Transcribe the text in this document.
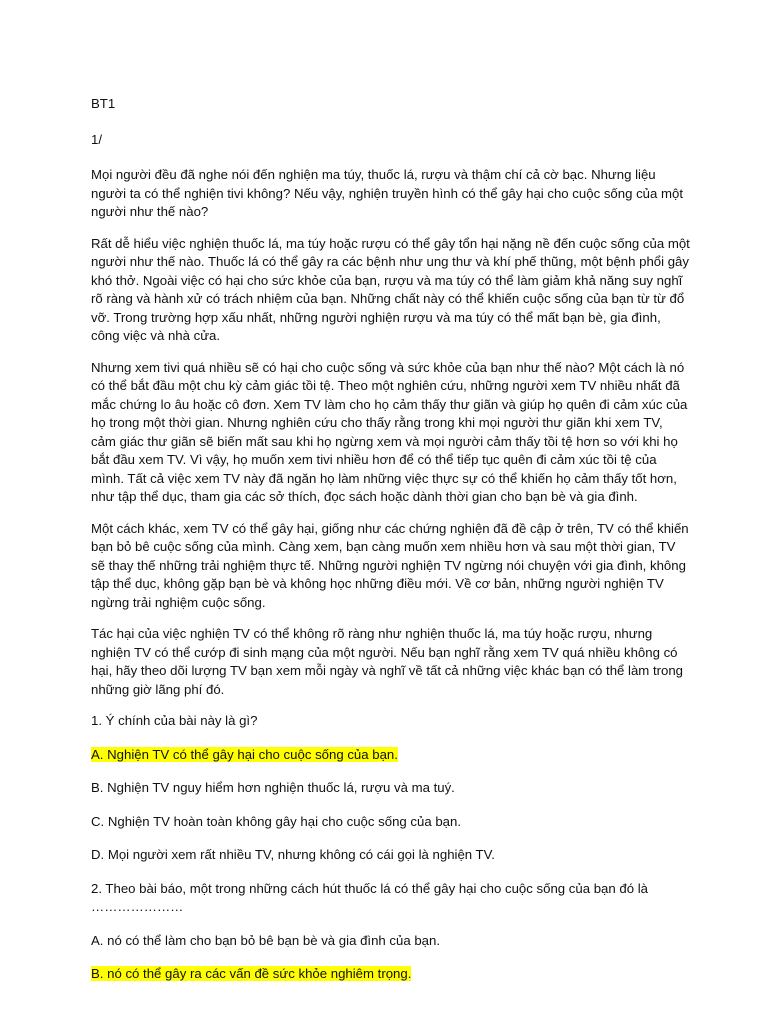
BT1

1/

Mọi người đều đã nghe nói đến nghiện ma túy, thuốc lá, rượu và thậm chí cả cờ bạc. Nhưng liệu người ta có thể nghiện tivi không? Nếu vậy, nghiện truyền hình có thể gây hại cho cuộc sống của một người như thế nào?

Rất dễ hiểu việc nghiện thuốc lá, ma túy hoặc rượu có thể gây tổn hại nặng nề đến cuộc sống của một người như thế nào. Thuốc lá có thể gây ra các bệnh như ung thư và khí phế thũng, một bệnh phổi gây khó thở. Ngoài việc có hại cho sức khỏe của bạn, rượu và ma túy có thể làm giảm khả năng suy nghĩ rõ ràng và hành xử có trách nhiệm của bạn. Những chất này có thể khiến cuộc sống của bạn từ từ đổ vỡ. Trong trường hợp xấu nhất, những người nghiện rượu và ma túy có thể mất bạn bè, gia đình, công việc và nhà cửa.

Nhưng xem tivi quá nhiều sẽ có hại cho cuộc sống và sức khỏe của bạn như thế nào? Một cách là nó có thể bắt đầu một chu kỳ cảm giác tồi tệ. Theo một nghiên cứu, những người xem TV nhiều nhất đã mắc chứng lo âu hoặc cô đơn. Xem TV làm cho họ cảm thấy thư giãn và giúp họ quên đi cảm xúc của họ trong một thời gian. Nhưng nghiên cứu cho thấy rằng trong khi mọi người thư giãn khi xem TV, cảm giác thư giãn sẽ biến mất sau khi họ ngừng xem và mọi người cảm thấy tồi tệ hơn so với khi họ bắt đầu xem TV. Vì vậy, họ muốn xem tivi nhiều hơn để có thể tiếp tục quên đi cảm xúc tồi tệ của mình. Tất cả việc xem TV này đã ngăn họ làm những việc thực sự có thể khiến họ cảm thấy tốt hơn, như tập thể dục, tham gia các sở thích, đọc sách hoặc dành thời gian cho bạn bè và gia đình.

Một cách khác, xem TV có thể gây hại, giống như các chứng nghiện đã đề cập ở trên, TV có thể khiến bạn bỏ bê cuộc sống của mình. Càng xem, bạn càng muốn xem nhiều hơn và sau một thời gian, TV sẽ thay thế những trải nghiệm thực tế. Những người nghiện TV ngừng nói chuyện với gia đình, không tập thể dục, không gặp bạn bè và không học những điều mới. Về cơ bản, những người nghiện TV ngừng trải nghiệm cuộc sống.

Tác hại của việc nghiện TV có thể không rõ ràng như nghiện thuốc lá, ma túy hoặc rượu, nhưng nghiện TV có thể cướp đi sinh mạng của một người. Nếu bạn nghĩ rằng xem TV quá nhiều không có hại, hãy theo dõi lượng TV bạn xem mỗi ngày và nghĩ về tất cả những việc khác bạn có thể làm trong những giờ lãng phí đó.

1. Ý chính của bài này là gì?

A. Nghiện TV có thể gây hại cho cuộc sống của bạn.

B. Nghiện TV nguy hiểm hơn nghiện thuốc lá, rượu và ma tuý.

C. Nghiện TV hoàn toàn không gây hại cho cuộc sống của bạn.

D. Mọi người xem rất nhiều TV, nhưng không có cái gọi là nghiện TV.

2. Theo bài báo, một trong những cách hút thuốc lá có thể gây hại cho cuộc sống của bạn đó là …………………

A. nó có thể làm cho bạn bỏ bê bạn bè và gia đình của bạn.

B. nó có thể gây ra các vấn đề sức khỏe nghiêm trọng.
